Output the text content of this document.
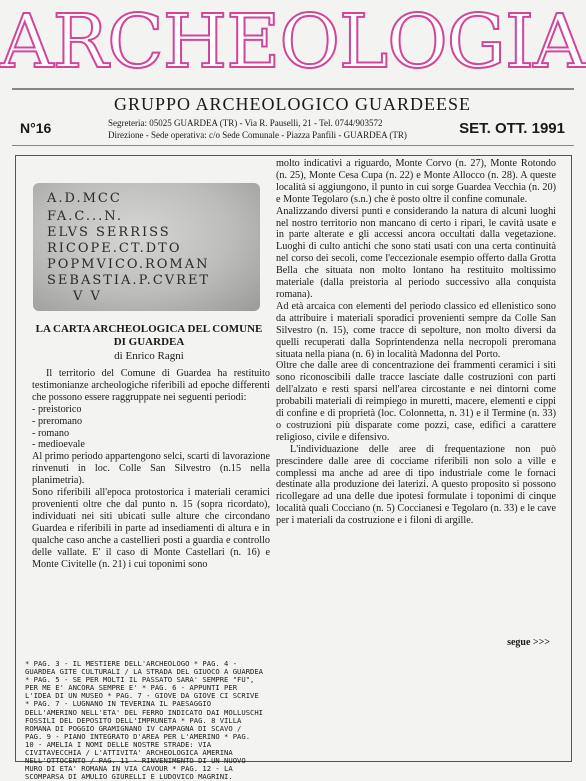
ARCHEOLOGIA
GRUPPO ARCHEOLOGICO GUARDEESE
N°16	Segreteria: 05025 GUARDEA (TR) - Via R. Pauselli, 21 - Tel. 0744/903572
Direzione - Sede operativa: c/o Sede Comunale - Piazza Panfili - GUARDEA (TR)	SET. OTT. 1991
A.D.MCC
FA.C...N.
ELVS SERRISS
RICOPE.CT.DTO
POPMVICO.ROMAN
SEBASTIA.P.CVRET
V V
LA CARTA ARCHEOLOGICA DEL COMUNE DI GUARDEA
di Enrico Ragni

Il territorio del Comune di Guardea ha restituito testimonianze archeologiche riferibili ad epoche differenti che possono essere raggruppate nei seguenti periodi:

- preistorico

- preromano

- romano

- medioevale

Al primo periodo appartengono selci, scarti di lavorazione rinvenuti in loc. Colle San Silvestro (n.15 nella planimetria).

Sono riferibili all'epoca protostorica i materiali ceramici provenienti oltre che dal punto n. 15 (sopra ricordato), individuati nei siti ubicati sulle alture che circondano Guardea e riferibili in parte ad insediamenti di altura e in qualche caso anche a castellieri posti a guardia e controllo delle vallate. E' il caso di Monte Castellari (n. 16) e Monte Civitelle (n. 21) i cui toponimi sono

molto indicativi a riguardo, Monte Corvo (n. 27), Monte Rotondo (n. 25), Monte Cesa Cupa (n. 22) e Monte Allocco (n. 28). A queste località si aggiungono, il punto in cui sorge Guardea Vecchia (n. 20) e Monte Tegolaro (s.n.) che è posto oltre il confine comunale.

Analizzando diversi punti e considerando la natura di alcuni luoghi nel nostro territorio non mancano di certo i ripari, le cavità usate e in parte alterate e gli accessi ancora occultati dalla vegetazione. Luoghi di culto antichi che sono stati usati con una certa continuità nel corso dei secoli, come l'eccezionale esempio offerto dalla Grotta Bella che situata non molto lontano ha restituito moltissimo materiale (dalla preistoria al periodo successivo alla conquista romana).

Ad età arcaica con elementi del periodo classico ed ellenistico sono da attribuire i materiali sporadici provenienti sempre da Colle San Silvestro (n. 15), come tracce di sepolture, non molto diversi da quelli recuperati dalla Soprintendenza nella necropoli preromana situata nella piana (n. 6) in località Madonna del Porto.

Oltre che dalle aree di concentrazione dei frammenti ceramici i siti sono riconoscibili dalle tracce lasciate dalle costruzioni con parti dell'alzato e resti sparsi nell'area circostante e nei dintorni come probabili materiali di reimpiego in muretti, macere, elementi e cippi di confine e di proprietà (loc. Colonnetta, n. 31) e il Termine (n. 33) o costruzioni più disparate come pozzi, case, edifici a carattere religioso, civile e difensivo.

L'individuazione delle aree di frequentazione non può prescindere dalle aree di cocciame riferibili non solo a ville e complessi ma anche ad aree di tipo industriale come le fornaci destinate alla produzione dei laterizi. A questo proposito si possono ricollegare ad una delle due ipotesi formulate i toponimi di cinque località quali Cocciano (n. 5) Coccianesi e Tegolaro (n. 33) e le cave per i materiali da costruzione e i filoni di argille.

segue >>>
* PAG. 3 - IL MESTIERE DELL'ARCHEOLOGO * PAG. 4 -
GUARDEA GITE CULTURALI / LA STRADA DEL GIUOCO A GUARDEA
* PAG. 5 - SE PER MOLTI IL PASSATO SARA' SEMPRE "FU",
PER ME E' ANCORA SEMPRE E' * PAG. 6 - APPUNTI PER
L'IDEA DI UN MUSEO * PAG. 7 - GIOVE DA GIOVE CI SCRIVE
* PAG. 7 - LUGNANO IN TEVERINA IL PAESAGGIO
DELL'AMERINO NELL'ETA' DEL FERRO INDICATO DAI MOLLUSCHI
FOSSILI DEL DEPOSITO DELL'IMPRUNETA * PAG. 8 VILLA
ROMANA DI POGGIO GRAMIGNANO IV CAMPAGNA DI SCAVO /
PAG. 9 - PIANO INTEGRATO D'AREA PER L'AMERINO * PAG.
10 - AMELIA I NOMI DELLE NOSTRE STRADE: VIA
CIVITAVECCHIA / L'ATTIVITA' ARCHEOLOGICA AMERINA
NELL'OTTOCENTO / PAG. 11 - RINVENIMENTO DI UN NUOVO
MURO DI ETA' ROMANA IN VIA CAVOUR * PAG. 12 - LA
SCOMPARSA DI AMULIO GIURELLI E LUDOVICO MAGRINI.
